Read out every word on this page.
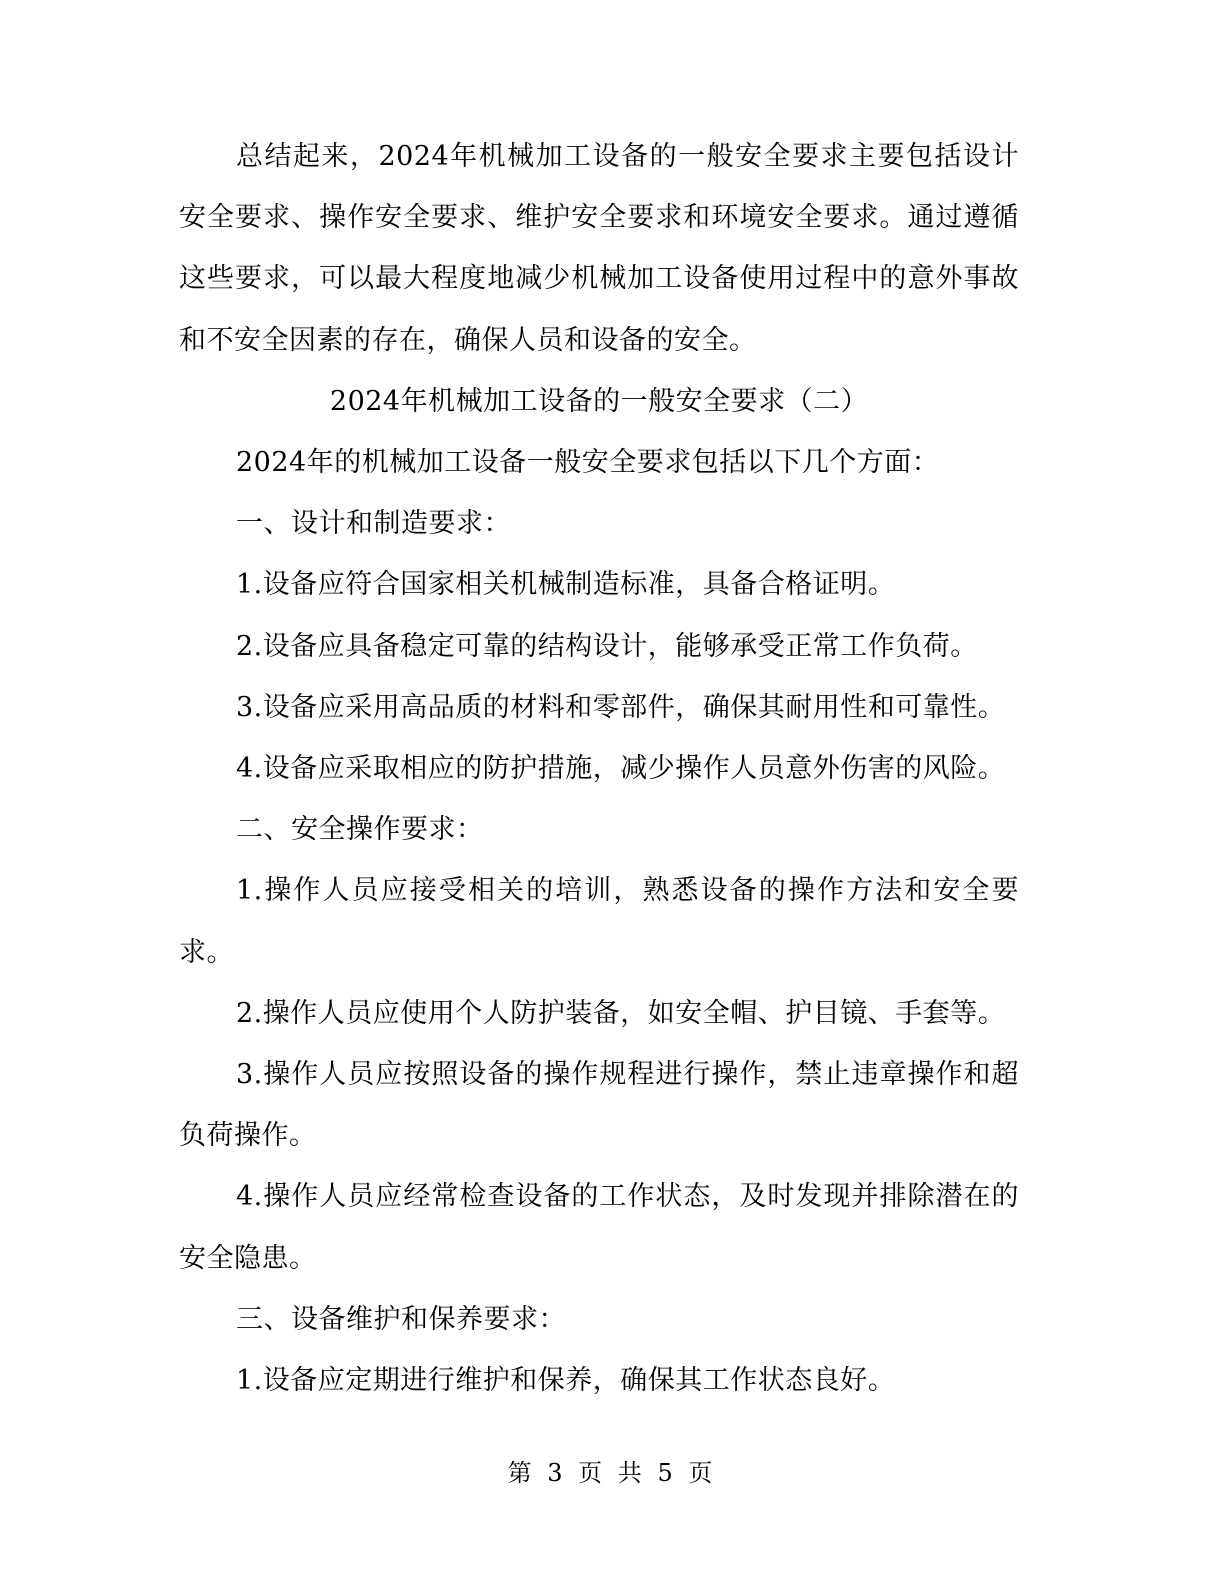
总结起来，2024年机械加工设备的一般安全要求主要包括设计安全要求、操作安全要求、维护安全要求和环境安全要求。通过遵循这些要求，可以最大程度地减少机械加工设备使用过程中的意外事故和不安全因素的存在，确保人员和设备的安全。

2024年机械加工设备的一般安全要求（二）

2024年的机械加工设备一般安全要求包括以下几个方面：

一、设计和制造要求：

1.设备应符合国家相关机械制造标准，具备合格证明。

2.设备应具备稳定可靠的结构设计，能够承受正常工作负荷。

3.设备应采用高品质的材料和零部件，确保其耐用性和可靠性。

4.设备应采取相应的防护措施，减少操作人员意外伤害的风险。

二、安全操作要求：

1.操作人员应接受相关的培训，熟悉设备的操作方法和安全要求。

2.操作人员应使用个人防护装备，如安全帽、护目镜、手套等。

3.操作人员应按照设备的操作规程进行操作，禁止违章操作和超负荷操作。

4.操作人员应经常检查设备的工作状态，及时发现并排除潜在的安全隐患。

三、设备维护和保养要求：

1.设备应定期进行维护和保养，确保其工作状态良好。

第 3 页 共 5 页
